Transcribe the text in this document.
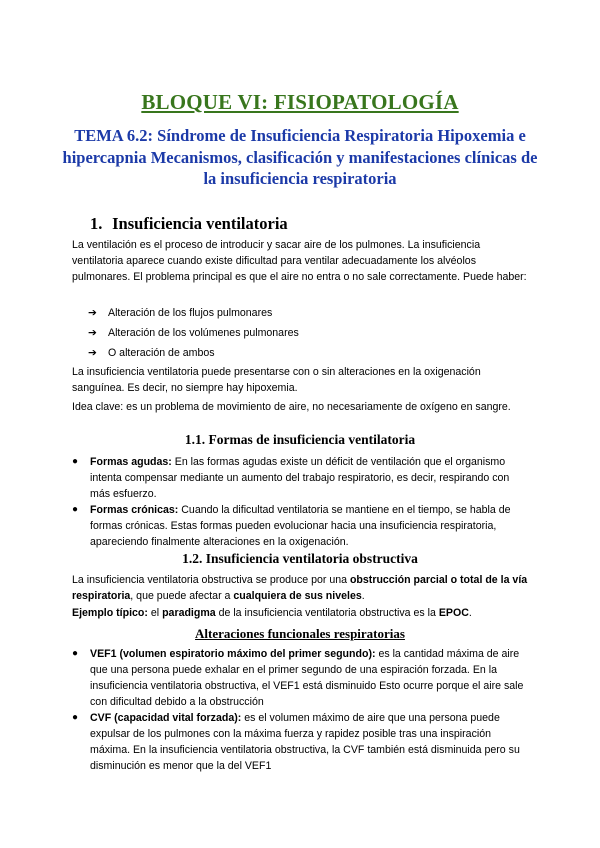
BLOQUE VI: FISIOPATOLOGÍA
TEMA 6.2: Síndrome de Insuficiencia Respiratoria Hipoxemia e hipercapnia Mecanismos, clasificación y manifestaciones clínicas de la insuficiencia respiratoria
1. Insuficiencia ventilatoria
La ventilación es el proceso de introducir y sacar aire de los pulmones. La insuficiencia ventilatoria aparece cuando existe dificultad para ventilar adecuadamente los alvéolos pulmonares. El problema principal es que el aire no entra o no sale correctamente. Puede haber:
➔ Alteración de los flujos pulmonares
➔ Alteración de los volúmenes pulmonares
➔ O alteración de ambos
La insuficiencia ventilatoria puede presentarse con o sin alteraciones en la oxigenación sanguínea. Es decir, no siempre hay hipoxemia.
Idea clave: es un problema de movimiento de aire, no necesariamente de oxígeno en sangre.
1.1. Formas de insuficiencia ventilatoria
● Formas agudas: En las formas agudas existe un déficit de ventilación que el organismo intenta compensar mediante un aumento del trabajo respiratorio, es decir, respirando con más esfuerzo.
● Formas crónicas: Cuando la dificultad ventilatoria se mantiene en el tiempo, se habla de formas crónicas. Estas formas pueden evolucionar hacia una insuficiencia respiratoria, apareciendo finalmente alteraciones en la oxigenación.
1.2. Insuficiencia ventilatoria obstructiva
La insuficiencia ventilatoria obstructiva se produce por una obstrucción parcial o total de la vía respiratoria, que puede afectar a cualquiera de sus niveles.
Ejemplo típico: el paradigma de la insuficiencia ventilatoria obstructiva es la EPOC.
Alteraciones funcionales respiratorias
● VEF1 (volumen espiratorio máximo del primer segundo): es la cantidad máxima de aire que una persona puede exhalar en el primer segundo de una espiración forzada. En la insuficiencia ventilatoria obstructiva, el VEF1 está disminuido Esto ocurre porque el aire sale con dificultad debido a la obstrucción
● CVF (capacidad vital forzada): es el volumen máximo de aire que una persona puede expulsar de los pulmones con la máxima fuerza y rapidez posible tras una inspiración máxima. En la insuficiencia ventilatoria obstructiva, la CVF también está disminuida pero su disminución es menor que la del VEF1
